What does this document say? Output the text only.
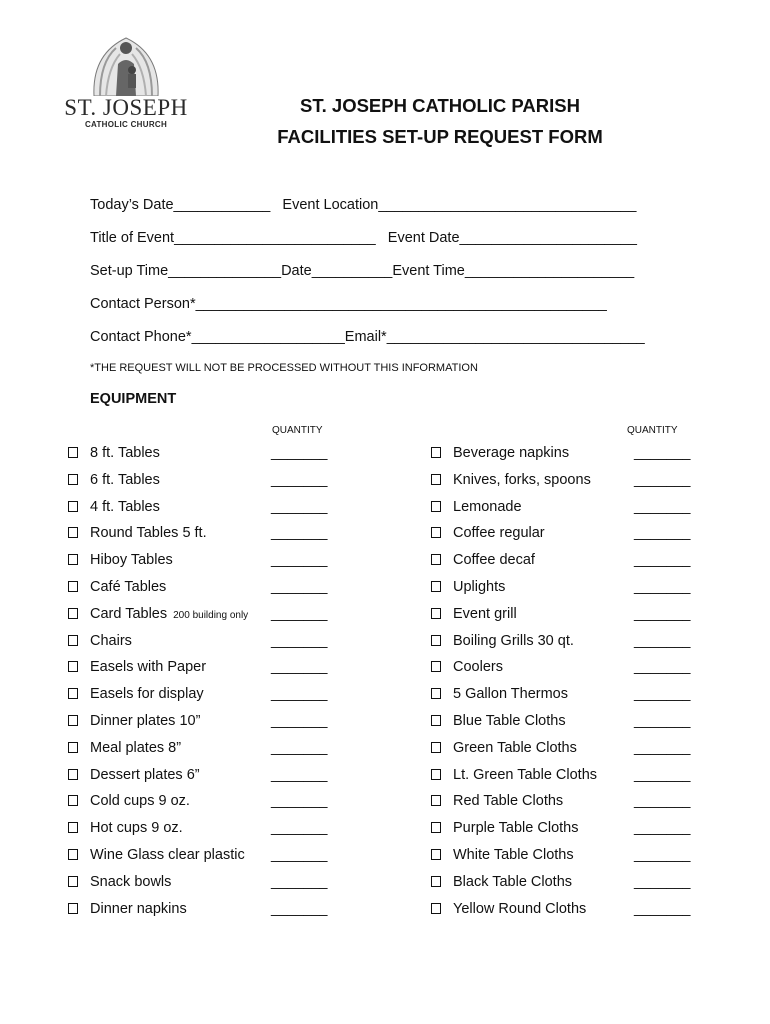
ST. JOSEPH
CATHOLIC CHURCH
ST. JOSEPH CATHOLIC PARISH
FACILITIES SET-UP REQUEST FORM
Today’s Date____________   Event Location________________________________
Title of Event_________________________   Event Date______________________
Set-up Time______________Date__________Event Time_____________________
Contact Person*___________________________________________________
Contact Phone*___________________Email*________________________________
*THE REQUEST WILL NOT BE PROCESSED WITHOUT THIS INFORMATION
EQUIPMENT
QUANTITY	QUANTITY
8 ft. Tables	_______
6 ft. Tables	_______
4 ft. Tables	_______
Round Tables 5 ft.	_______
Hiboy Tables	_______
Café Tables	_______
Card Tables 200 building only _______
Chairs	_______
Easels with Paper	_______
Easels for display	_______
Dinner plates 10”	_______
Meal plates 8”	_______
Dessert plates 6”	_______
Cold cups 9 oz.	_______
Hot cups 9 oz.	_______
Wine Glass clear plastic _______
Snack bowls	_______
Dinner napkins	_______
Beverage napkins	_______
Knives, forks, spoons	_______
Lemonade	_______
Coffee regular	_______
Coffee decaf	_______
Uplights	_______
Event grill	_______
Boiling Grills 30 qt.	_______
Coolers	_______
5 Gallon Thermos	_______
Blue Table Cloths	_______
Green Table Cloths	_______
Lt. Green Table Cloths	_______
Red Table Cloths	_______
Purple Table Cloths	_______
White Table Cloths	_______
Black Table Cloths	_______
Yellow Round Cloths	_______
